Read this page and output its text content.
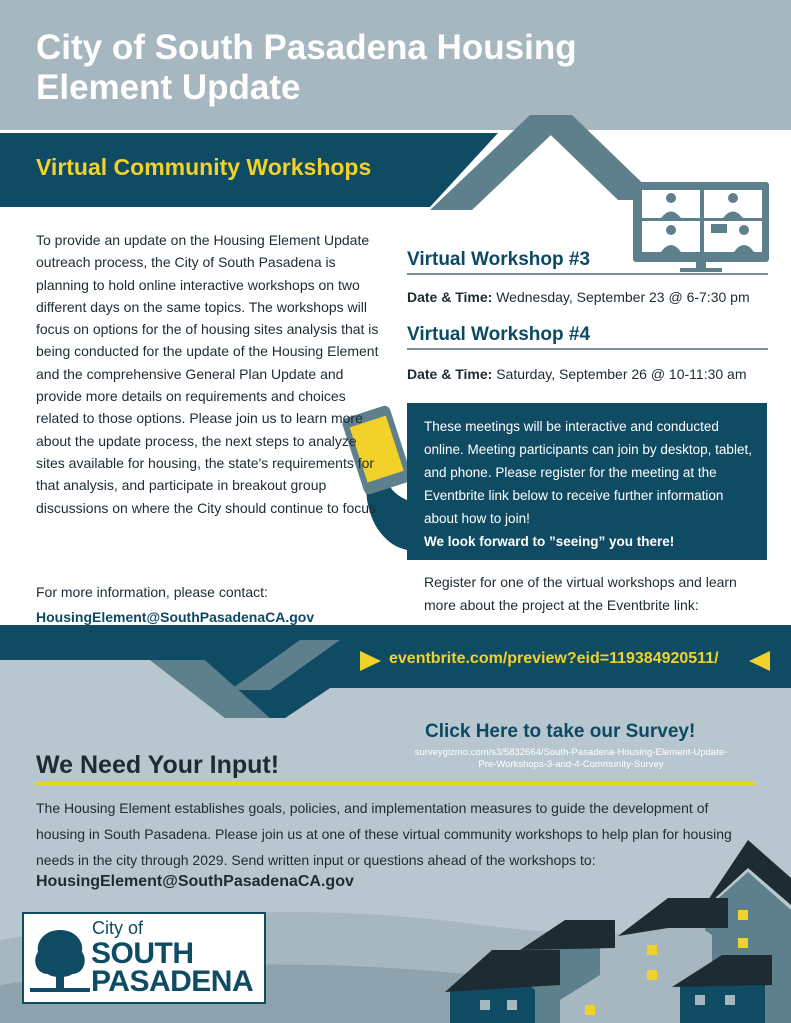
City of South Pasadena Housing Element Update
Virtual Community Workshops
To provide an update on the Housing Element Update outreach process, the City of South Pasadena is planning to hold online interactive workshops on two different days on the same topics. The workshops will focus on options for the of housing sites analysis that is being conducted for the update of the Housing Element and the comprehensive General Plan Update and provide more details on requirements and choices related to those options. Please join us to learn more about the update process, the next steps to analyze sites available for housing, the state's requirements for that analysis, and participate in breakout group discussions on where the City should continue to focus.
For more information, please contact:
HousingElement@SouthPasadenaCA.gov
Virtual Workshop #3
Date & Time: Wednesday, September 23 @ 6-7:30 pm
Virtual Workshop #4
Date & Time: Saturday, September 26 @ 10-11:30 am
These meetings will be interactive and conducted online. Meeting participants can join by desktop, tablet, and phone. Please register for the meeting at the Eventbrite link below to receive further information about how to join!
We look forward to ”seeing” you there!
Register for one of the virtual workshops and learn more about the project at the Eventbrite link:
eventbrite.com/preview?eid=119384920511/
Click Here to take our Survey!
surveygizmo.com/s3/5832664/South-Pasadena-Housing-Element-Update-
Pre-Workshops-3-and-4-Community-Survey
We Need Your Input!
The Housing Element establishes goals, policies, and implementation measures to guide the development of housing in South Pasadena. Please join us at one of these virtual community workshops to help plan for housing needs in the city through 2029. Send written input or questions ahead of the workshops to:
HousingElement@SouthPasadenaCA.gov
City of
SOUTH
PASADENA
